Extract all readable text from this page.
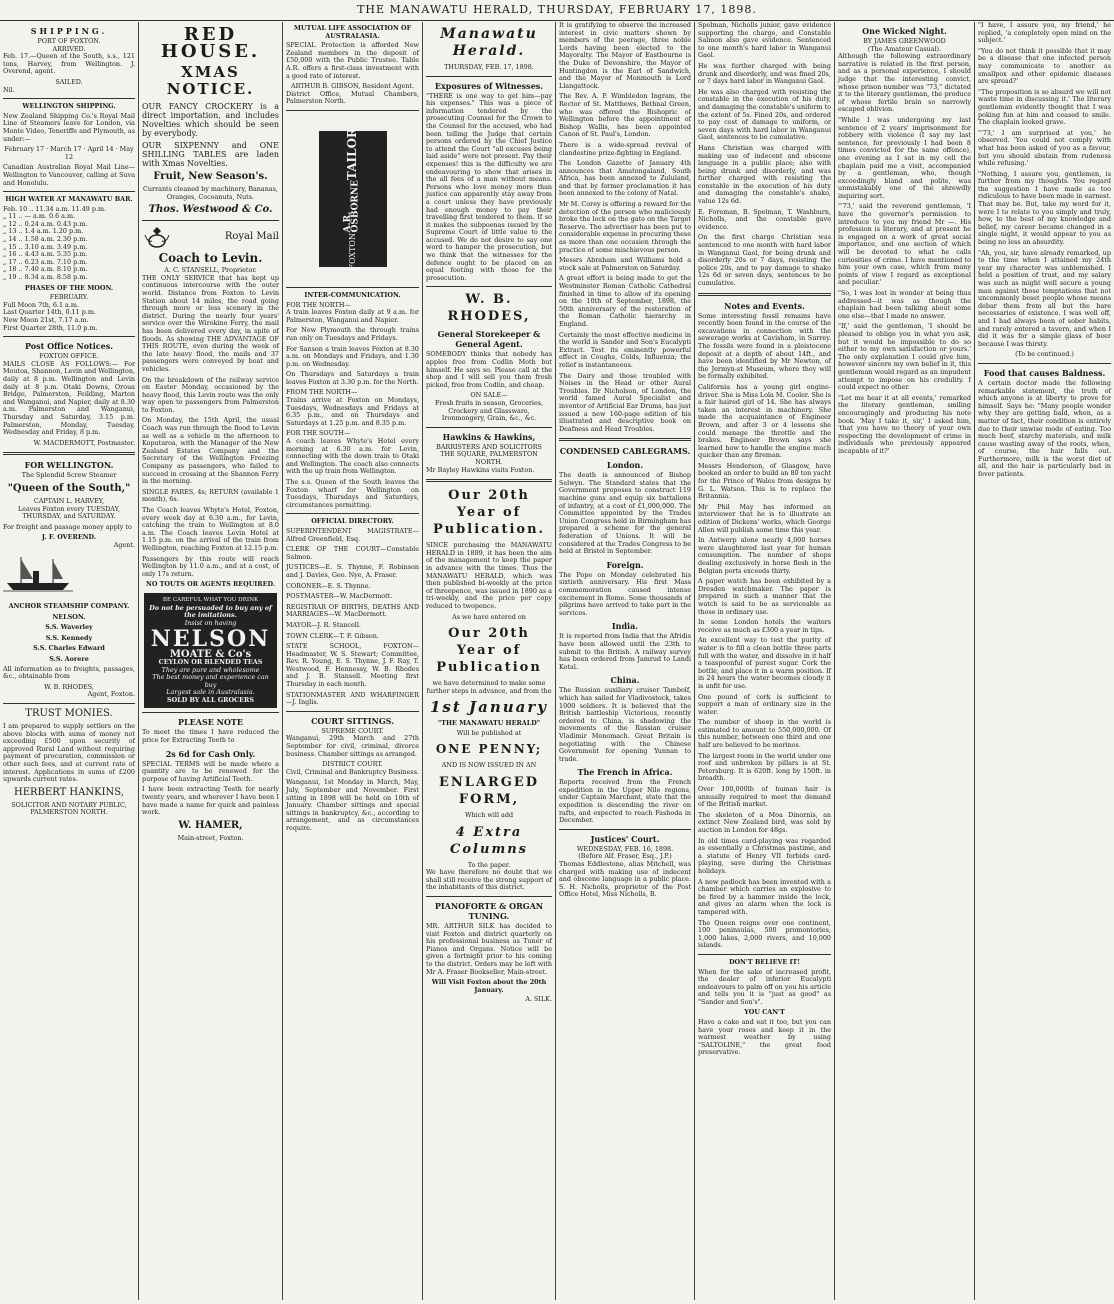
THE MANAWATU HERALD, THURSDAY, FEBRUARY 17, 1898.
SHIPPING.
PORT OF FOXTON.
ARRIVED.

Feb. 17.—Queen of the South, s.s., 121 tons, Harvey, from Wellington. J. Overend, agent.

SAILED.

Nil.

WELLINGTON SHIPPING.

New Zealand Shipping Co.'s Royal Mail Line of Steamers leave for London, via Monte Video, Teneriffe and Plymouth, as under:—

February 17 · March 17 · April 14 · May 12

Canadian Australian Royal Mail Line—Wellington to Vancouver, calling at Suva and Honolulu.

HIGH WATER AT MANAWATU BAR.
Feb. 10 .. 11.34 a.m. 11.49 p.m.
„ 11 .. — a.m. 0.6 a.m.
„ 12 .. 0.24 a.m. 0.43 p.m.
„ 13 .. 1.4 a.m. 1.20 p.m.
„ 14 .. 1.58 a.m. 2.30 p.m.
„ 15 .. 3.10 a.m. 3.49 p.m.
„ 16 .. 4.43 a.m. 5.35 p.m.
„ 17 .. 6.23 a.m. 7.10 p.m.
„ 18 .. 7.40 a.m. 8.10 p.m.
„ 19 .. 8.34 a.m. 8.58 p.m.
PHASES OF THE MOON.
FEBRUARY.
Full Moon 7th, 6.1 a.m.
Last Quarter 14th, 0.11 p.m.
New Moon 21st, 7.17 a.m.
First Quarter 28th, 11.0 p.m.
Post Office Notices.
FOXTON OFFICE.

MAILS CLOSE AS FOLLOWS:— For Moutoa, Shannon, Levin and Wellington, daily at 8 p.m. Wellington and Levin daily at 8 p.m. Otaki Downs, Oroua Bridge, Palmerston, Feilding, Marton and Wanganui, and Napier, daily at 8.30 a.m. Palmerston and Wanganui, Thursday and Saturday, 3.15 p.m. Palmerston, Monday, Tuesday, Wednesday and Friday, 8 p.m.

W. MACDERMOTT, Postmaster.

FOR WELLINGTON.
The Splendid Screw Steamer
"Queen of the South,"
CAPTAIN L. HARVEY,

Leaves Foxton every TUESDAY, THURSDAY, and SATURDAY.

For freight and passage money apply to

J. F. OVEREND.
Agent.
ANCHOR STEAMSHIP COMPANY.
NELSON.
S.S. Waverley
S.S. Kennedy
S.S. Charles Edward
S.S. Aorere

All information as to freights, passages, &c., obtainable from

W. B. RHODES,
Agent, Foxton.
TRUST MONIES.

I am prepared to supply settlers on the above blocks with sums of money not exceeding £500 upon security of approved Rural Land without requiring payment of procuration, commission or other such fees, and at current rate of interest. Applications in sums of £200 upwards current rates.

HERBERT HANKINS,
SOLICITOR AND NOTARY PUBLIC, PALMERSTON NORTH.
RED HOUSE.
XMAS NOTICE.

OUR FANCY CROCKERY is a direct importation, and includes Novelties which should be seen by everybody.

OUR SIXPENNY and ONE SHILLING TABLES are laden with Xmas Novelties.

Fruit, New Season's.

Currants cleaned by machinery, Bananas, Oranges, Cocoanuts, Nuts.

Thos. Westwood & Co.
Royal Mail
Coach to Levin.
A. C. STANSELL, Proprietor.

THE ONLY SERVICE that has kept up continuous intercourse with the outer world. Distance from Foxton to Levin Station about 14 miles, the road going through more or less scenery in the district. During the nearly four years' service over the Wirokino Ferry, the mail has been delivered every day, in spite of floods. As showing THE ADVANTAGE OF THIS ROUTE, even during the week of the late heavy flood, the mails and 37 passengers were conveyed by boat and vehicles.

On the breakdown of the railway service on Easter Monday, occasioned by the heavy flood, this Levin route was the only way open to passengers from Palmerston to Foxton.

On Monday, the 15th April, the usual Coach was run through the flood to Levin as well as a vehicle in the afternoon to Koputaroa, with the Manager of the New Zealand Estates Company and the Secretary of the Wellington Freezing Company as passengers, who failed to succeed in crossing at the Shannon Ferry in the morning.

SINGLE FARES, 4s; RETURN (available 1 month), 6s.

The Coach leaves Whyte's Hotel, Foxton, every week day at 6.30 a.m., for Levin, catching the train to Wellington at 8.0 a.m. The Coach leaves Levin Hotel at 1.15 p.m. on the arrival of the train from Wellington, reaching Foxton at 12.15 p.m.

Passengers by this route will reach Wellington by 11.0 a.m., and at a cost, of only 17s return.

NO TOUTS OR AGENTS REQUIRED.
BE CAREFUL WHAT YOU DRINK
Do not be persuaded to buy any of the imitations.
Insist on having
NELSON
MOATE & Co's
CEYLON OR BLENDED TEAS
They are pure and wholesome
The best money and experience can buy
Largest sale in Australasia.
SOLD BY ALL GROCERS
PLEASE NOTE

To meet the times I have reduced the price for Extracting Teeth to

2s 6d for Cash Only.

SPECIAL TERMS will be made where a quantity are to be renewed for the purpose of having Artificial Teeth.

I have been extracting Teeth for nearly twenty years, and wherever I have been I have made a name for quick and painless work.

W. HAMER,
Main-street, Foxton.
MUTUAL LIFE ASSOCIATION OF AUSTRALASIA.

SPECIAL Protection is afforded New Zealand members in the deposit of £50,000 with the Public Trustee. Table A.R. offers a first-class investment with a good rate of interest.

ARTHUR B. GIBSON, Resident Agent.

District Office, Mutual Chambers, Palmerston North.

TAILOR
A.R. OSBORNE
FOXTON
INTER-COMMUNICATION.
FOR THE NORTH—

A train leaves Foxton daily at 9 a.m. for Palmerston, Wanganui and Napier.

For New Plymouth the through trains run only on Tuesdays and Fridays.

For Sanson a train leaves Foxton at 8.30 a.m. on Mondays and Fridays, and 1.30 p.m. on Wednesday.

On Thursdays and Saturdays a train leaves Foxton at 3.30 p.m. for the North.

FROM THE NORTH—

Trains arrive at Foxton on Mondays, Tuesdays, Wednesdays and Fridays at 6.35 p.m., and on Thursdays and Saturdays at 1.25 p.m. and 8.35 p.m.

FOR THE SOUTH—

A coach leaves Whyte's Hotel every morning at 6.30 a.m. for Levin, connecting with the down train to Otaki and Wellington. The coach also connects with the up train from Wellington.

The s.s. Queen of the South leaves the Foxton wharf for Wellington on Tuesdays, Thursdays and Saturdays, circumstances permitting.

OFFICIAL DIRECTORY.

SUPERINTENDENT MAGISTRATE—Alfred Greenfield, Esq.

CLERK OF THE COURT—Constable Salmon.

JUSTICES—E. S. Thynne, F. Robinson and J. Davies, Geo. Nye, A. Fraser.

CORONER—E. S. Thynne.

POSTMASTER—W. MacDermott.

REGISTRAR OF BIRTHS, DEATHS AND MARRIAGES—W. MacDermott.

MAYOR—J. R. Stancell.

TOWN CLERK—T. F. Gibson.

STATE SCHOOL, FOXTON—Headmaster, W. S. Stewart; Committee, Rev. R. Young, E. S. Thynne, J. F. Ray, T. Westwood, F. Hennessy, W. B. Rhodes and J. B. Stansell. Meeting first Thursday in each month.

STATIONMASTER AND WHARFINGER—J. Inglis.

COURT SITTINGS.
SUPREME COURT.

Wanganui, 29th March and 27th September for civil, criminal, divorce business. Chamber sittings as arranged.

DISTRICT COURT.

Civil, Criminal and Bankruptcy Business.

Wanganui, 1st Monday in March, May, July, September and November. First sitting in 1898 will be held on 10th of January. Chamber sittings and special sittings in bankruptcy, &c., according to arrangement, and as circumstances require.

Manawatu Herald.
THURSDAY, FEB. 17, 1898.
Exposures of Witnesses.

"THERE is one way to get him—pay his expenses." This was a piece of information tendered by the prosecuting Counsel for the Crown to the Counsel for the accused, who had been telling the Judge that certain persons ordered by the Chief Justice to attend the Court "all excuses being laid aside" were not present. Pay their expenses! this is the difficulty we are endeavouring to show that arises in the all fees of a man without means. Persons who love money more than justice can apparently stay away from a court unless they have previously had enough money to pay their travelling first tendered to them. If so it makes the subpoenas issued by the Supreme Court of little value to the accused. We do not desire to say one word to hamper the prosecution, but we think that the witnesses for the defence ought to be placed on an equal footing with those for the prosecution.

W. B. RHODES,
General Storekeeper & General Agent.

SOMEBODY thinks that nobody has apples free from Codlin Moth but himself. He says so. Please call at the shop and I will sell you them fresh picked, free from Codlin, and cheap.

ON SALE—

Fresh fruits in season, Groceries, Crockery and Glassware, Ironmongery, Grain, &c., &c.

Hawkins & Hawkins,
BARRISTERS AND SOLICITORS
THE SQUARE, PALMERSTON NORTH.

Mr Bayley Hawkins visits Foxton.

Our 20th Year of Publication.

SINCE purchasing the MANAWATU HERALD in 1889, it has been the aim of the management to keep the paper in advance with the times. Thus the MANAWATU HERALD, which was then published bi-weekly at the price of threepence, was issued in 1890 as a tri-weekly, and the price per copy reduced to twopence.

As we have entered on
Our 20th Year of Publication

we have determined to make some further steps in advance, and from the

1st January
"THE MANAWATU HERALD"
Will be published at
ONE PENNY;
AND IS NOW ISSUED IN AN
ENLARGED FORM,
Which will add
4 Extra Columns
To the paper.

We have therefore no doubt that we shall still receive the strong support of the inhabitants of this district.

PIANOFORTE & ORGAN TUNING.

MR. ARTHUR SILK has decided to visit Foxton and district quarterly on his professional business as Tuner of Pianos and Organs. Notice will be given a fortnight prior to his coming to the district. Orders may be left with Mr A. Fraser Bookseller, Main-street.

Will Visit Foxton about the 20th January.
A. SILK.

It is gratifying to observe the increased interest in civic matters shown by members of the peerage, three noble Lords having been elected to the Mayoralty. The Mayor of Eastbourne is the Duke of Devonshire, the Mayor of Huntingdon is the Earl of Sandwich, and the Mayor of Monmouth is Lord Llangattock.

The Rev. A. P. Wimbledon Ingram, the Rector of St. Matthews, Bethnal Green, who was offered the Bishopric of Wellington before the appointment of Bishop Wallis, has been appointed Canon of St. Paul's, London.

There is a wide-spread revival of clandestine prize-fighting in England.

The London Gazette of January 4th announces that Amatongaland, South Africa, has been annexed to Zululand, and that by former proclamation it has been annexed to the colony of Natal.

Mr M. Corey is offering a reward for the detection of the person who maliciously broke the lock on the gate on the Target Reserve. The advertiser has been put to considerable expense in procuring these as more than one occasion through the practice of some mischievous person.

Messrs Abraham and Williams hold a stock sale at Palmerston on Saturday.

A great effort is being made to get the Westminster Roman Catholic Cathedral finished in time to allow of its opening on the 10th of September, 1898, the 50th anniversary of the restoration of the Roman Catholic hierarchy in England.

Certainly the most effective medicine in the world is Sander and Son's Eucalypti Extract. Test its eminently powerful effect in Coughs, Colds, Influenza; the relief is instantaneous.

The Dairy and those troubled with Noises in the Head or other Aural Troubles. Dr Nicholson, of London, the world famed Aural Specialist and inventor of Artificial Ear Drums, has just issued a new 160-page edition of his illustrated and descriptive book on Deafness and Head Troubles.

CONDENSED CABLEGRAMS.
London.

The death is announced of Bishop Selwyn. The Standard states that the Government proposes to construct 119 machine guns and equip six battalions of infantry, at a cost of £1,000,000. The Committee appointed by the Trades Union Congress held in Birmingham has prepared a scheme for the general federation of Unions. It will be considered at the Trades Congress to be held at Bristol in September.

Foreign.

The Pope on Monday celebrated his sixtieth anniversary. His first Mass commemoration caused intense excitement in Rome. Some thousands of pilgrims have arrived to take part in the services.

India.

It is reported from India that the Afridis have been allowed until the 23th to submit to the British. A railway survey has been ordered from Jamrud to Landi Kotal.

China.

The Russian auxiliary cruiser Tambolf, which has sailed for Vladivostock, takes 1000 soldiers. It is believed that the British battleship Victorious, recently ordered to China, is shadowing the movements of the Russian cruiser Vladimir Monomach. Great Britain is negotiating with the Chinese Government for opening Yunnan to trade.

The French in Africa.

Reports received from the French expedition in the Upper Nile regions, under Captain Marchant, state that the expedition is descending the river on rafts, and expected to reach Fashoda in December.

Justices' Court.
WEDNESDAY, FEB. 16, 1898.
(Before Alf. Fraser, Esq., J.P.)

Thomas Eddlestone, alias Mitchell, was charged with making use of indecent and obscene language in a public place. S. H. Nicholls, proprietor of the Post Office Hotel, Miss Nicholls, B.

Spelman, Nicholls junior, gave evidence supporting the charge, and Constable Salmon also gave evidence. Sentenced to one month's hard labor in Wanganui Gaol.

He was further charged with being drunk and disorderly, and was fined 20s, or 7 days hard labor in Wanganui Gaol.

He was also charged with resisting the constable in the execution of his duty, and damaging the constable's uniform to the extent of 5s. Fined 20s, and ordered to pay cost of damage to uniform, or seven days with hard labor in Wanganui Gaol, sentences to be cumulative.

Hans Christian was charged with making use of indecent and obscene language in a public place; also with being drunk and disorderly, and was further charged with resisting the constable in the execution of his duty and damaging the constable's shako, value 12s 6d.

E. Foreman, B. Spelman, T. Washburn, Nicholls, and the constable gave evidence.

On the first charge Christian was sentenced to one month with hard labor in Wanganui Gaol, for being drunk and disorderly 20s or 7 days, resisting the police 20s, and to pay damage to shako 12s 6d or seven days, sentences to be cumulative.

Notes and Events.

Some interesting fossil remains have recently been found in the course of the excavations in connection with the sewerage works at Cavisham, in Surrey. The fossils were found in a pleistocene deposit at a depth of about 14ft., and have been identified by Mr Newton, of the Jermyn-st Museum, where they will be formally exhibited.

California has a young girl engine-driver. She is Miss Lola M. Cooler. She is a fair haired girl of 14. She has always taken an interest in machinery. She made the acquaintance of Engineer Brown, and after 3 or 4 lessons she could manage the throttle and the brakes. Engineer Brown says she learned how to handle the engine much quicker than any fireman.

Messrs Henderson, of Glasgow, have booked an order to build an 80 ton yacht for the Prince of Wales from designs by G. L. Watson. This is to replace the Britannia.

Mr Phil May has informed an interviewer that he is to illustrate an edition of Dickens' works, which George Allen will publish some time this year.

In Antwerp alone nearly 4,000 horses were slaughtered last year for human consumption. The number of shops dealing exclusively in horse flesh in the Belgian ports exceeds thirty.

A paper watch has been exhibited by a Dresden watchmaker. The paper is prepared in such a manner that the watch is said to be as serviceable as those in ordinary use.

In some London hotels the waiters receive as much as £300 a year in tips.

An excellent way to test the purity of water is to fill a clean bottle three parts full with the water, and dissolve in it half a teaspoonful of purest sugar. Cork the bottle, and place it in a warm position. If in 24 hours the water becomes cloudy it is unfit for use.

One pound of cork is sufficient to support a man of ordinary size in the water.

The number of sheep in the world is estimated to amount to 550,000,000. Of this number, between one third and one half are believed to be merinos.

The largest room in the world under one roof and unbroken by pillars is at St. Petersburg. It is 620ft. long by 150ft. in breadth.

Over 100,000lb of human hair is annually required to meet the demand of the British market.

The skeleton of a Moa Dinornis, an extinct New Zealand bird, was sold by auction in London for 48gs.

In old times card-playing was regarded as essentially a Christmas pastime, and a statute of Henry VII forbids card-playing, save during the Christmas holidays.

A new padlock has been invented with a chamber which carries an explosive to be fired by a hammer inside the lock, and gives an alarm when the lock is tampered with.

The Queen reigns over one continent, 100 peninsulas, 500 promontories, 1,000 lakes, 2,000 rivers, and 10,000 islands.

DON'T BELIEVE IT!

When for the sake of increased profit, the dealer of inferior Eucalypti endeavours to palm off on you his article and tells you it is "just as good" as "Sander and Son's".

YOU CAN'T

Have a cake and eat it too, but you can have your roses and keep it in the warmest weather by using "SALTOLINE," the great food preservative.

One Wicked Night.
BY JAMES GREENWOOD
(The Amateur Casual).

Although the following extraordinary narrative is related in the first person, and as a personal experience, I should judge that the interesting convict, whose prison number was "73," dictated it to the literary gentleman, the produce of whose fertile brain so narrowly escaped oblivion.

"While I was undergoing my last sentence of 2 years' imprisonment for robbery with violence (I say my last sentence, for previously I had been 8 times convicted for the same offence), one evening as I sat in my cell the chaplain paid me a visit, accompanied by a gentleman, who, though exceedingly bland and polite, was unmistakably one of the shrewdly inquiring sort.

"'73,' said the reverend gentleman, 'I have the governor's permission to introduce to you my friend Mr —. His profession is literary, and at present he is engaged on a work of great social importance, and one section of which will be devoted to what he calls curiosities of crime. I have mentioned to him your own case, which from many points of view I regard as exceptional and peculiar.'

"So, I was lost in wonder at being thus addressed—it was as though the chaplain had been talking about some one else—that I made no answer.

"If,' said the gentleman, 'I should be pleased to oblige you in what you ask, but it would be impossible to do so either to my own satisfaction or yours.' The only explanation I could give him, however sincere my own belief in it, this gentleman would regard as an impudent attempt to impose on his credulity. I could expect no other.

"Let me hear it at all events,' remarked the literary gentleman, smiling encouragingly and producing his note book. 'May I take it, sir,' I asked him, 'that you have no theory of your own respecting the development of crime in individuals who previously appeared incapable of it?'

"I have, I assure you, my friend,' he replied, 'a completely open mind on the subject.'

"You do not think it possible that it may be a disease that one infected person may communicate to another as smallpox and other epidemic diseases are spread?'

"The proposition is so absurd we will not waste time in discussing it.' The literary gentleman evidently thought that I was poking fun at him and ceased to smile. The chaplain looked grave.

"'73,' I am surprised at you,' he observed. 'You could not comply with what has been asked of you as a favour, but you should abstain from rudeness while refusing.'

"Nothing, I assure you, gentlemen, is further from my thoughts. You regard the suggestion I have made as too ridiculous to have been made in earnest. That may be. But, take my word for it, were I to relate to you simply and truly, how, to the best of my knowledge and belief, my career became changed in a single night, it would appear to you as being no less an absurdity.

"Ah, you, sir, have already remarked, up to the time when I attained my 24th year my character was unblemished. I held a position of trust, and my salary was such as might well secure a young man against those temptations that not uncommonly beset people whose means debar them from all but the bare necessaries of existence. I was well off, and I had always been of sober habits, and rarely entered a tavern, and when I did it was for a simple glass of beer because I was thirsty.

(To be continued.)
Food that causes Baldness.

A certain doctor made the following remarkable statement, the truth of which anyone is at liberty to prove for himself. Says he: "Many people wonder why they are getting bald, when, as a matter of fact, their condition is entirely due to their unwise mode of eating. Too much beef, starchy materials, and milk cause wasting away of the roots, when, of course, the hair falls out. Furthermore, milk is the worst diet of all, and the hair is particularly bad in fever patients.
